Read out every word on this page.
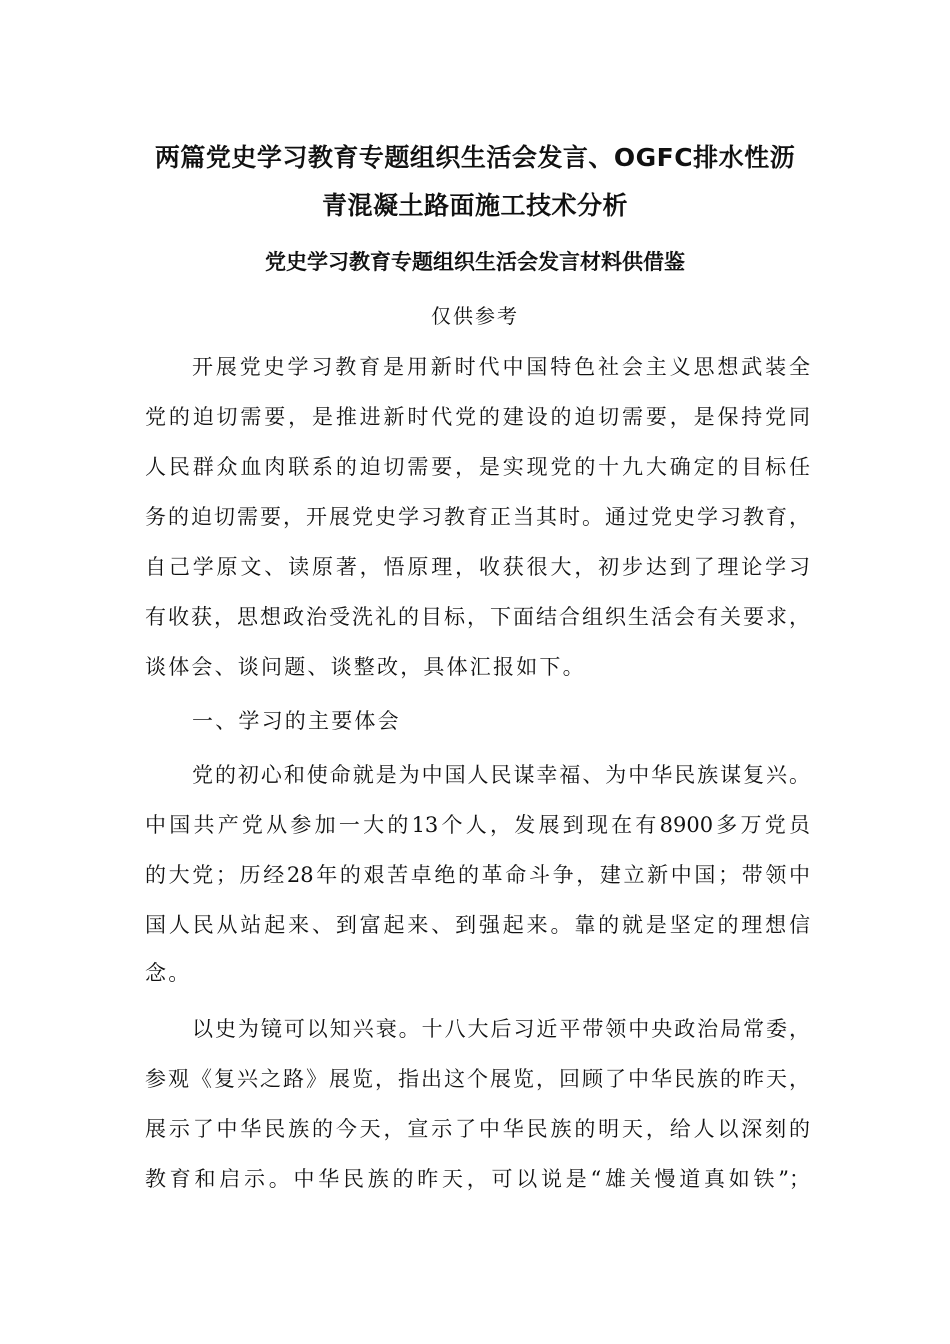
两篇党史学习教育专题组织生活会发言、OGFC排水性沥
青混凝土路面施工技术分析
党史学习教育专题组织生活会发言材料供借鉴
仅供参考
开展党史学习教育是用新时代中国特色社会主义思想武装全
党的迫切需要，是推进新时代党的建设的迫切需要，是保持党同
人民群众血肉联系的迫切需要，是实现党的十九大确定的目标任
务的迫切需要，开展党史学习教育正当其时。通过党史学习教育，
自己学原文、读原著，悟原理，收获很大，初步达到了理论学习
有收获，思想政治受洗礼的目标，下面结合组织生活会有关要求，
谈体会、谈问题、谈整改，具体汇报如下。
一、学习的主要体会
党的初心和使命就是为中国人民谋幸福、为中华民族谋复兴。
中国共产党从参加一大的13个人，发展到现在有8900多万党员
的大党；历经28年的艰苦卓绝的革命斗争，建立新中国；带领中
国人民从站起来、到富起来、到强起来。靠的就是坚定的理想信
念。
以史为镜可以知兴衰。十八大后习近平带领中央政治局常委，
参观《复兴之路》展览，指出这个展览，回顾了中华民族的昨天，
展示了中华民族的今天，宣示了中华民族的明天，给人以深刻的
教育和启示。中华民族的昨天，可以说是“雄关慢道真如铁”；
